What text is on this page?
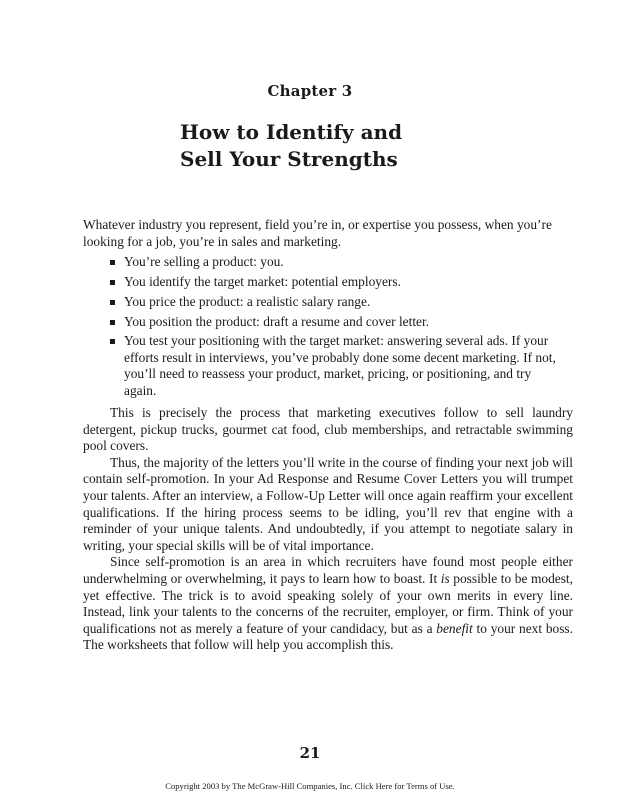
Chapter 3
How to Identify and
Sell Your Strengths

Whatever industry you represent, field you’re in, or expertise you possess, when you’re looking for a job, you’re in sales and marketing.

You’re selling a product: you.
You identify the target market: potential employers.
You price the product: a realistic salary range.
You position the product: draft a resume and cover letter.
You test your positioning with the target market: answering several ads. If your efforts result in interviews, you’ve probably done some decent marketing. If not, you’ll need to reassess your product, market, pricing, or positioning, and try again.

This is precisely the process that marketing executives follow to sell laundry detergent, pickup trucks, gourmet cat food, club memberships, and retractable swimming pool covers.

Thus, the majority of the letters you’ll write in the course of finding your next job will contain self-promotion. In your Ad Response and Resume Cover Letters you will trumpet your talents. After an interview, a Follow-Up Letter will once again reaffirm your excellent qualifications. If the hiring process seems to be idling, you’ll rev that engine with a reminder of your unique talents. And undoubtedly, if you attempt to negotiate salary in writing, your special skills will be of vital importance.

Since self-promotion is an area in which recruiters have found most people either underwhelming or overwhelming, it pays to learn how to boast. It is possible to be modest, yet effective. The trick is to avoid speaking solely of your own merits in every line. Instead, link your talents to the concerns of the recruiter, employer, or firm. Think of your qualifications not as merely a feature of your candidacy, but as a benefit to your next boss. The worksheets that follow will help you accomplish this.

21
Copyright 2003 by The McGraw-Hill Companies, Inc. Click Here for Terms of Use.
